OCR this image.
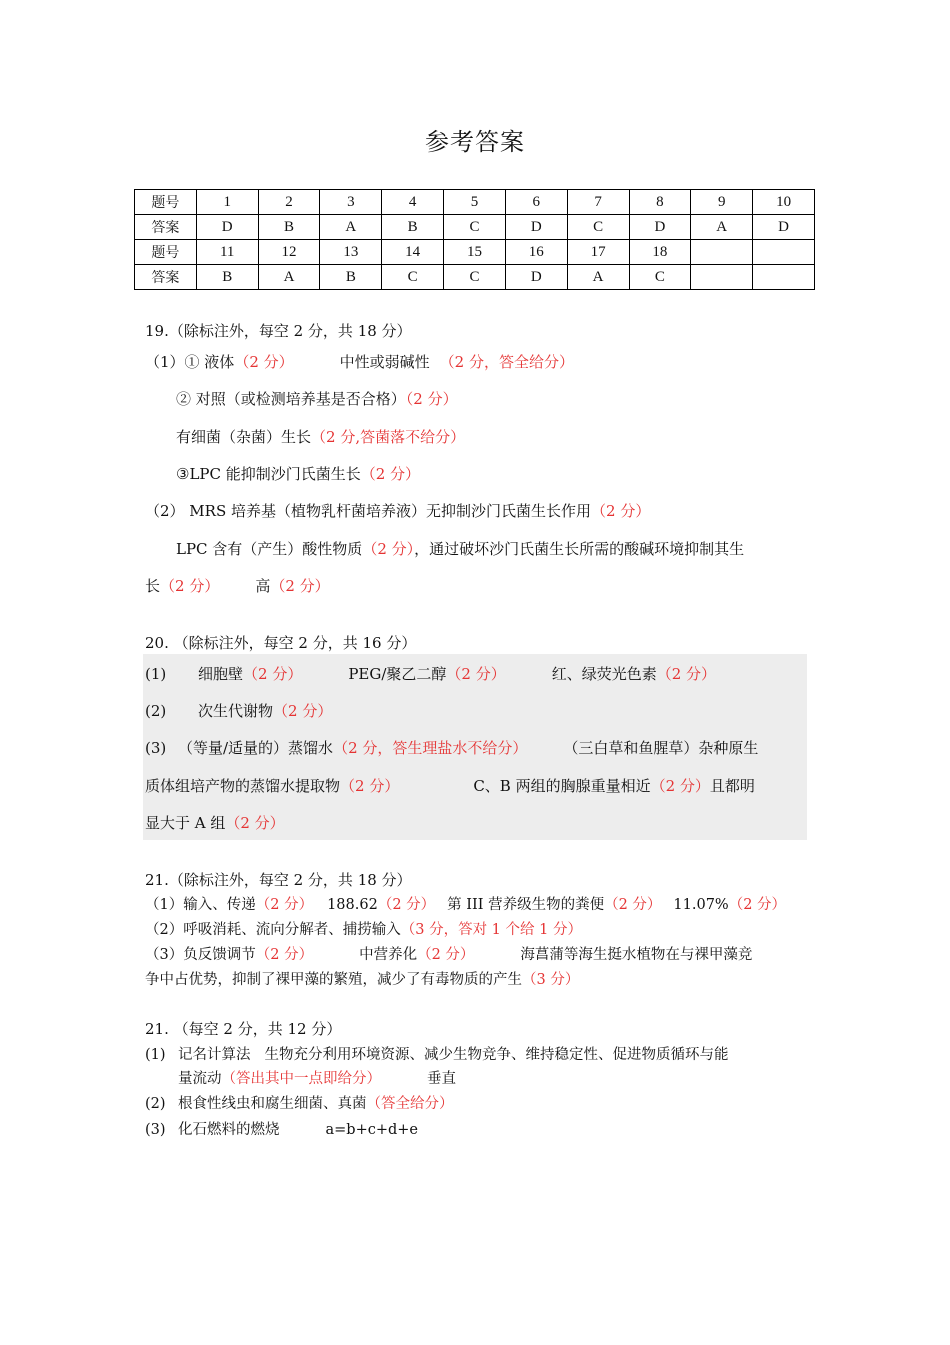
参考答案
题号	1	2	3	4	5	6	7	8	9	10
答案	D	B	A	B	C	D	C	D	A	D
题号	11	12	13	14	15	16	17	18		
答案	B	A	B	C	C	D	A	C		
19.（除标注外，每空 2 分，共 18 分）
（1）① 液体（2 分）	中性或弱碱性 （2 分，答全给分）
② 对照（或检测培养基是否合格）（2 分）
有细菌（杂菌）生长（2 分,答菌落不给分）
③LPC 能抑制沙门氏菌生长（2 分）
（2） MRS 培养基（植物乳杆菌培养液）无抑制沙门氏菌生长作用（2 分）
LPC 含有（产生）酸性物质（2 分），通过破坏沙门氏菌生长所需的酸碱环境抑制其生
长（2 分） 高（2 分）
20. （除标注外，每空 2 分，共 16 分）
(1) 细胞壁（2 分）	PEG/聚乙二醇（2 分）	红、绿荧光色素（2 分）
(2) 次生代谢物（2 分）
(3) （等量/适量的）蒸馏水（2 分，答生理盐水不给分） （三白草和鱼腥草）杂种原生
质体组培产物的蒸馏水提取物（2 分）	C、B 两组的胸腺重量相近（2 分）且都明
显大于 A 组（2 分）
21.（除标注外，每空 2 分，共 18 分）
（1）输入、传递（2 分） 188.62（2 分） 第 III 营养级生物的粪便（2 分） 11.07%（2 分）
（2）呼吸消耗、流向分解者、捕捞输入（3 分，答对 1 个给 1 分）
（3）负反馈调节（2 分）	中营养化（2 分）	海菖蒲等海生挺水植物在与裸甲藻竞
争中占优势，抑制了裸甲藻的繁殖，减少了有毒物质的产生（3 分）
21. （每空 2 分，共 12 分）
(1) 记名计算法 生物充分利用环境资源、减少生物竞争、维持稳定性、促进物质循环与能
量流动（答出其中一点即给分）	垂直
(2) 根食性线虫和腐生细菌、真菌（答全给分）
(3) 化石燃料的燃烧	a=b+c+d+e
